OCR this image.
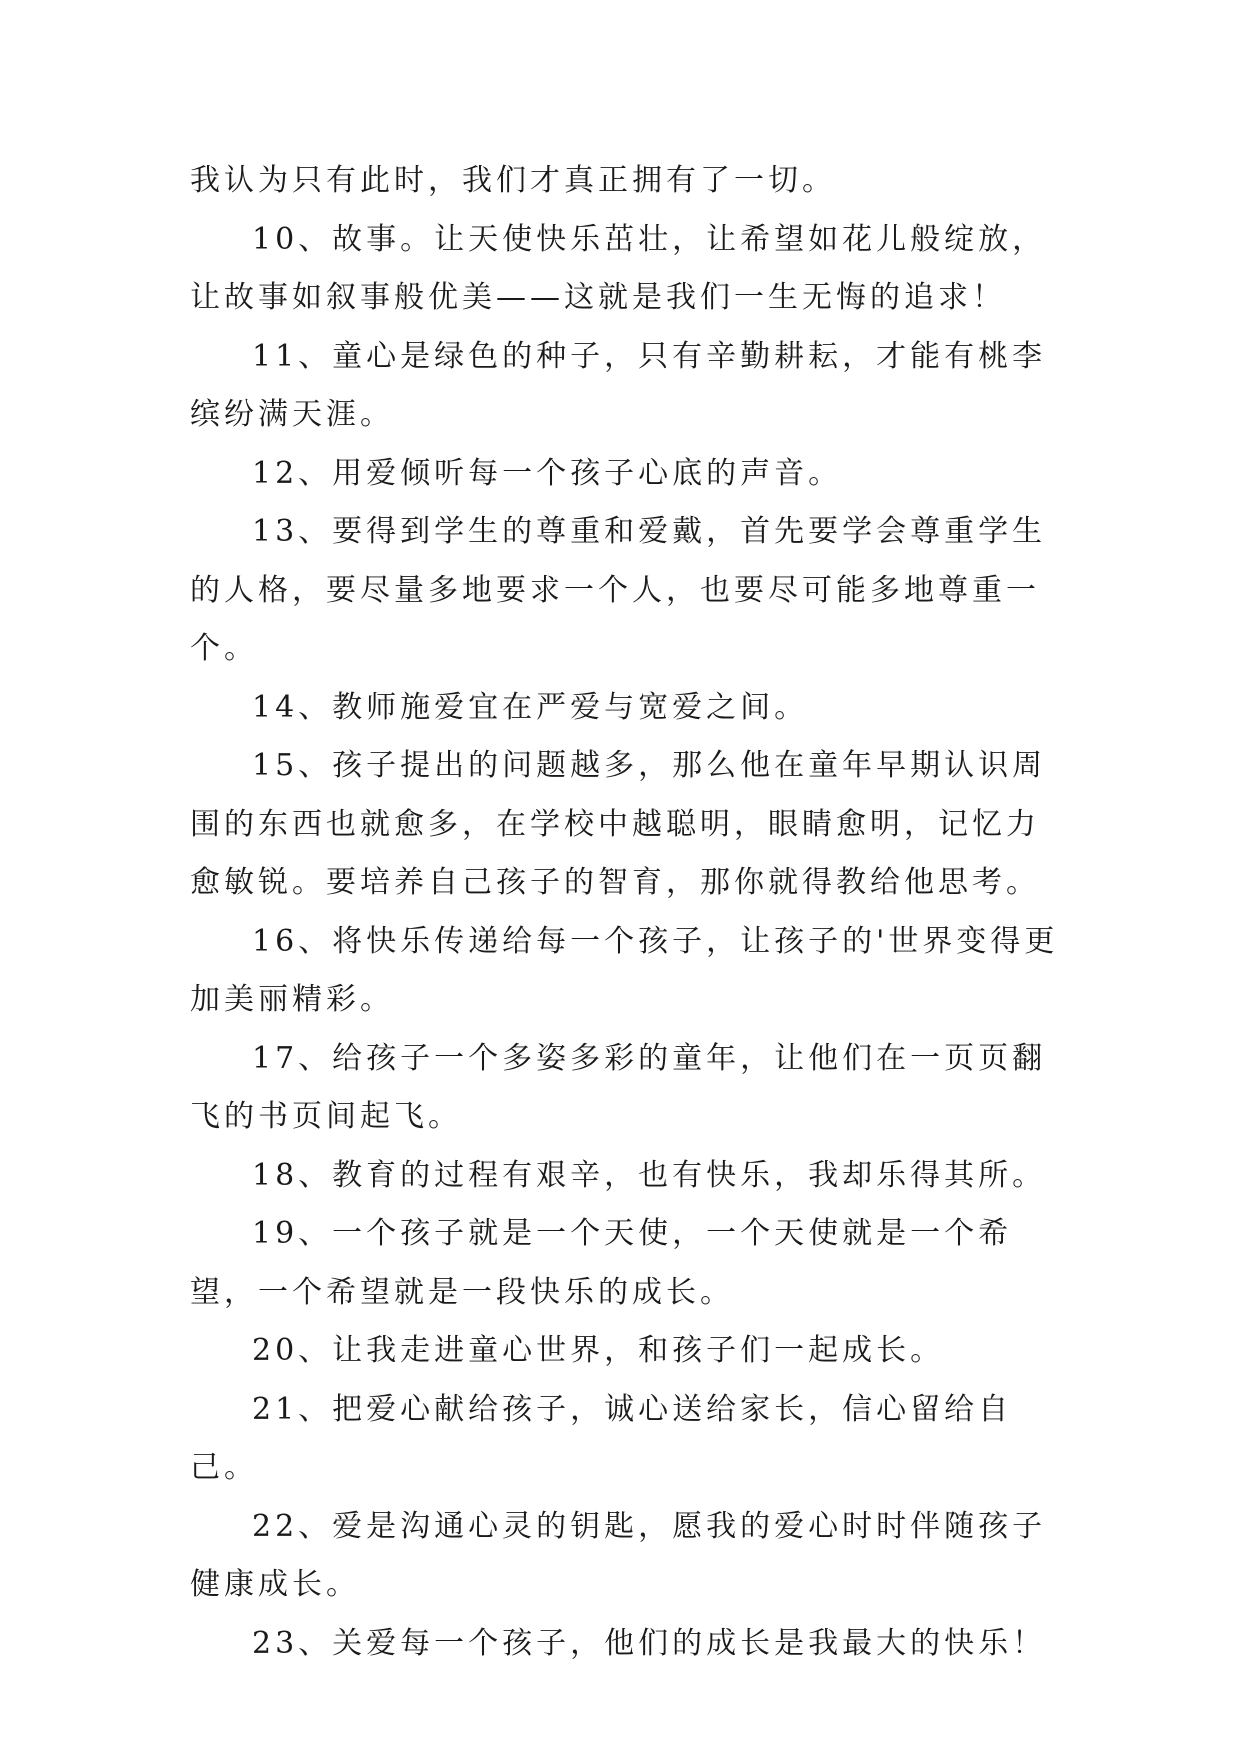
我认为只有此时，我们才真正拥有了一切。

10、故事。让天使快乐茁壮，让希望如花儿般绽放，让故事如叙事般优美——这就是我们一生无悔的追求！

11、童心是绿色的种子，只有辛勤耕耘，才能有桃李缤纷满天涯。

12、用爱倾听每一个孩子心底的声音。

13、要得到学生的尊重和爱戴，首先要学会尊重学生的人格，要尽量多地要求一个人，也要尽可能多地尊重一个。

14、教师施爱宜在严爱与宽爱之间。

15、孩子提出的问题越多，那么他在童年早期认识周围的东西也就愈多，在学校中越聪明，眼睛愈明，记忆力愈敏锐。要培养自己孩子的智育，那你就得教给他思考。

16、将快乐传递给每一个孩子，让孩子的'世界变得更加美丽精彩。

17、给孩子一个多姿多彩的童年，让他们在一页页翻飞的书页间起飞。

18、教育的过程有艰辛，也有快乐，我却乐得其所。

19、一个孩子就是一个天使，一个天使就是一个希望，一个希望就是一段快乐的成长。

20、让我走进童心世界，和孩子们一起成长。

21、把爱心献给孩子，诚心送给家长，信心留给自己。

22、爱是沟通心灵的钥匙，愿我的爱心时时伴随孩子健康成长。

23、关爱每一个孩子，他们的成长是我最大的快乐！
